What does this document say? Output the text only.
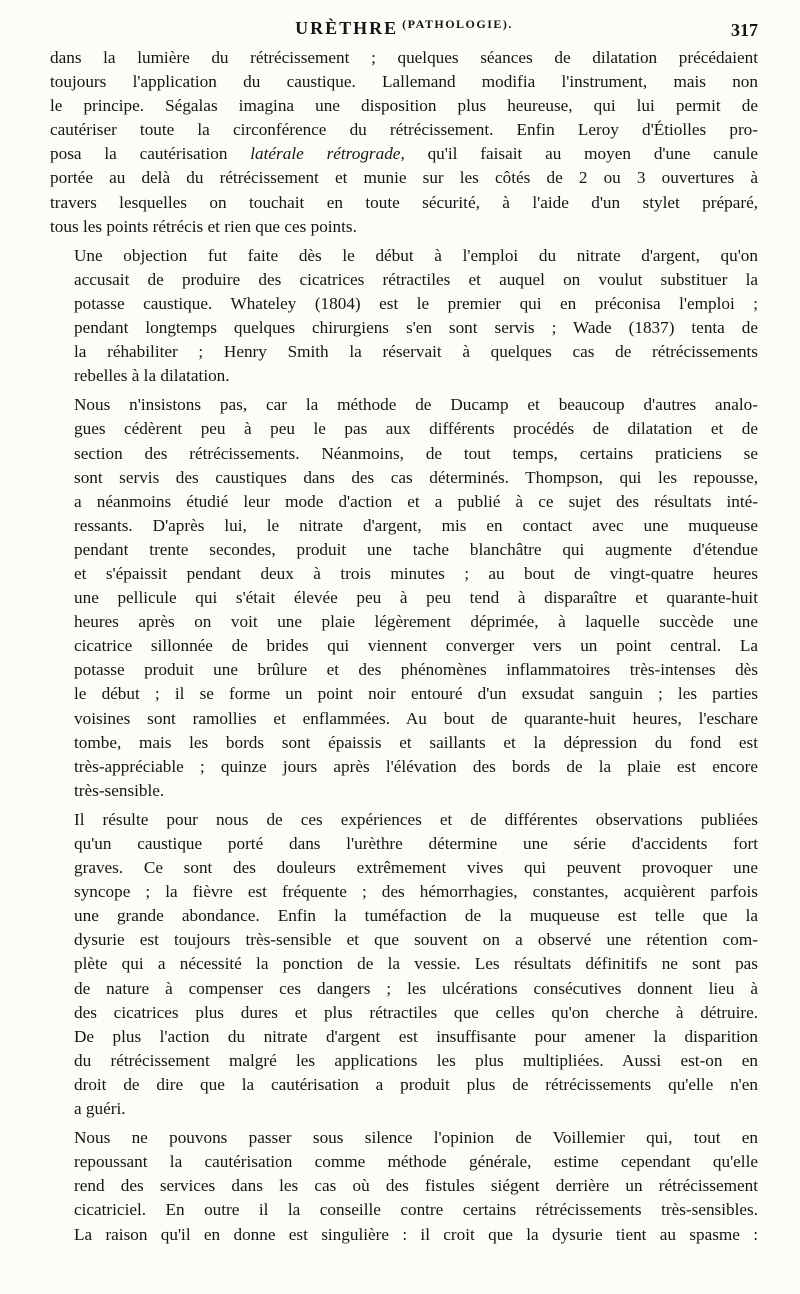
URÈTHRE (PATHOLOGIE).	317
dans la lumière du rétrécissement ; quelques séances de dilatation précédaient
toujours l'application du caustique. Lallemand modifia l'instrument, mais non
le principe. Ségalas imagina une disposition plus heureuse, qui lui permit de
cautériser toute la circonférence du rétrécissement. Enfin Leroy d'Étiolles pro-
posa la cautérisation latérale rétrograde, qu'il faisait au moyen d'une canule
portée au delà du rétrécissement et munie sur les côtés de 2 ou 3 ouvertures à
travers lesquelles on touchait en toute sécurité, à l'aide d'un stylet préparé,
tous les points rétrécis et rien que ces points.
Une objection fut faite dès le début à l'emploi du nitrate d'argent, qu'on
accusait de produire des cicatrices rétractiles et auquel on voulut substituer la
potasse caustique. Whateley (1804) est le premier qui en préconisa l'emploi ;
pendant longtemps quelques chirurgiens s'en sont servis ; Wade (1837) tenta de
la réhabiliter ; Henry Smith la réservait à quelques cas de rétrécissements
rebelles à la dilatation.
Nous n'insistons pas, car la méthode de Ducamp et beaucoup d'autres analo-
gues cédèrent peu à peu le pas aux différents procédés de dilatation et de
section des rétrécissements. Néanmoins, de tout temps, certains praticiens se
sont servis des caustiques dans des cas déterminés. Thompson, qui les repousse,
a néanmoins étudié leur mode d'action et a publié à ce sujet des résultats inté-
ressants. D'après lui, le nitrate d'argent, mis en contact avec une muqueuse
pendant trente secondes, produit une tache blanchâtre qui augmente d'étendue
et s'épaissit pendant deux à trois minutes ; au bout de vingt-quatre heures
une pellicule qui s'était élevée peu à peu tend à disparaître et quarante-huit
heures après on voit une plaie légèrement déprimée, à laquelle succède une
cicatrice sillonnée de brides qui viennent converger vers un point central. La
potasse produit une brûlure et des phénomènes inflammatoires très-intenses dès
le début ; il se forme un point noir entouré d'un exsudat sanguin ; les parties
voisines sont ramollies et enflammées. Au bout de quarante-huit heures, l'eschare
tombe, mais les bords sont épaissis et saillants et la dépression du fond est
très-appréciable ; quinze jours après l'élévation des bords de la plaie est encore
très-sensible.
Il résulte pour nous de ces expériences et de différentes observations publiées
qu'un caustique porté dans l'urèthre détermine une série d'accidents fort
graves. Ce sont des douleurs extrêmement vives qui peuvent provoquer une
syncope ; la fièvre est fréquente ; des hémorrhagies, constantes, acquièrent parfois
une grande abondance. Enfin la tuméfaction de la muqueuse est telle que la
dysurie est toujours très-sensible et que souvent on a observé une rétention com-
plète qui a nécessité la ponction de la vessie. Les résultats définitifs ne sont pas
de nature à compenser ces dangers ; les ulcérations consécutives donnent lieu à
des cicatrices plus dures et plus rétractiles que celles qu'on cherche à détruire.
De plus l'action du nitrate d'argent est insuffisante pour amener la disparition
du rétrécissement malgré les applications les plus multipliées. Aussi est-on en
droit de dire que la cautérisation a produit plus de rétrécissements qu'elle n'en
a guéri.
Nous ne pouvons passer sous silence l'opinion de Voillemier qui, tout en
repoussant la cautérisation comme méthode générale, estime cependant qu'elle
rend des services dans les cas où des fistules siégent derrière un rétrécissement
cicatriciel. En outre il la conseille contre certains rétrécissements très-sensibles.
La raison qu'il en donne est singulière : il croit que la dysurie tient au spasme :
